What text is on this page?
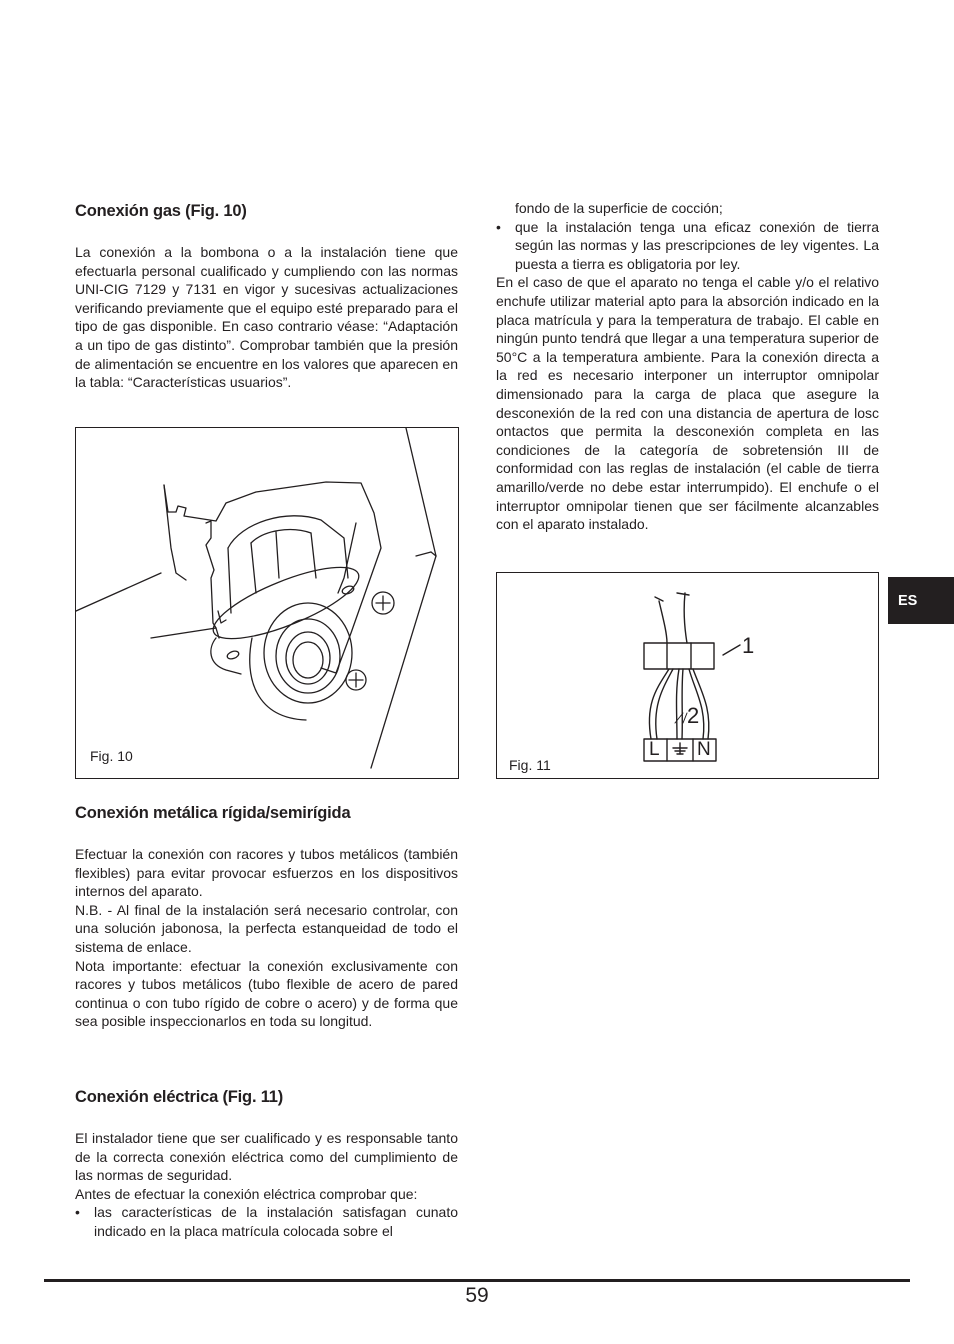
Conexión gas (Fig. 10)

La conexión a la bombona o a la instalación tiene que efectuarla personal cualificado y cumpliendo con las normas UNI-CIG 7129 y 7131 en vigor y sucesivas actualizaciones verificando previamente que el equipo esté preparado para el tipo de gas disponible. En caso contrario véase: “Adaptación a un tipo de gas distinto”. Comprobar también que la presión de alimentación se encuentre en los valores que aparecen en la tabla: “Características usuarios”.

Fig. 10
Conexión metálica rígida/semirígida

Efectuar la conexión con racores y tubos metálicos (también flexibles) para evitar provocar esfuerzos en los dispositivos internos del aparato.

N.B. - Al final de la instalación será necesario controlar, con una solución jabonosa, la perfecta estanqueidad de todo el sistema de enlace.

Nota importante: efectuar la conexión exclusivamente con racores y tubos metálicos (tubo flexible de acero de pared continua o con tubo rígido de cobre o acero) y de forma que sea posible inspeccionarlos en toda su longitud.

Conexión eléctrica (Fig. 11)

El instalador tiene que ser cualificado y es responsable tanto de la correcta conexión eléctrica como del cumplimiento de las normas de seguridad.

Antes de efectuar la conexión eléctrica comprobar que:

• las características de la instalación satisfagan cunato indicado en la placa matrícula colocada sobre el
fondo de la superficie de cocción;
• que la instalación tenga una eficaz conexión de tierra según las normas y las prescripciones de ley vigentes. La puesta a tierra es obligatoria por ley.

En el caso de que el aparato no tenga el cable y/o el relativo enchufe utilizar material apto para la absorción indicado en la placa matrícula y para la temperatura de trabajo. El cable en ningún punto tendrá que llegar a una temperatura superior de 50°C a la temperatura ambiente. Para la conexión directa a la red es necesario interponer un interruptor omnipolar dimensionado para la carga de placa que asegure la desconexión de la red con una distancia de apertura de losc ontactos que permita la desconexión completa en las condiciones de la categoría de sobretensión III de conformidad con las reglas de instalación (el cable de tierra amarillo/verde no debe estar interrumpido). El enchufe o el interruptor omnipolar tienen que ser fácilmente alcanzables con el aparato instalado.

1
2
L N
Fig. 11
ES
59
